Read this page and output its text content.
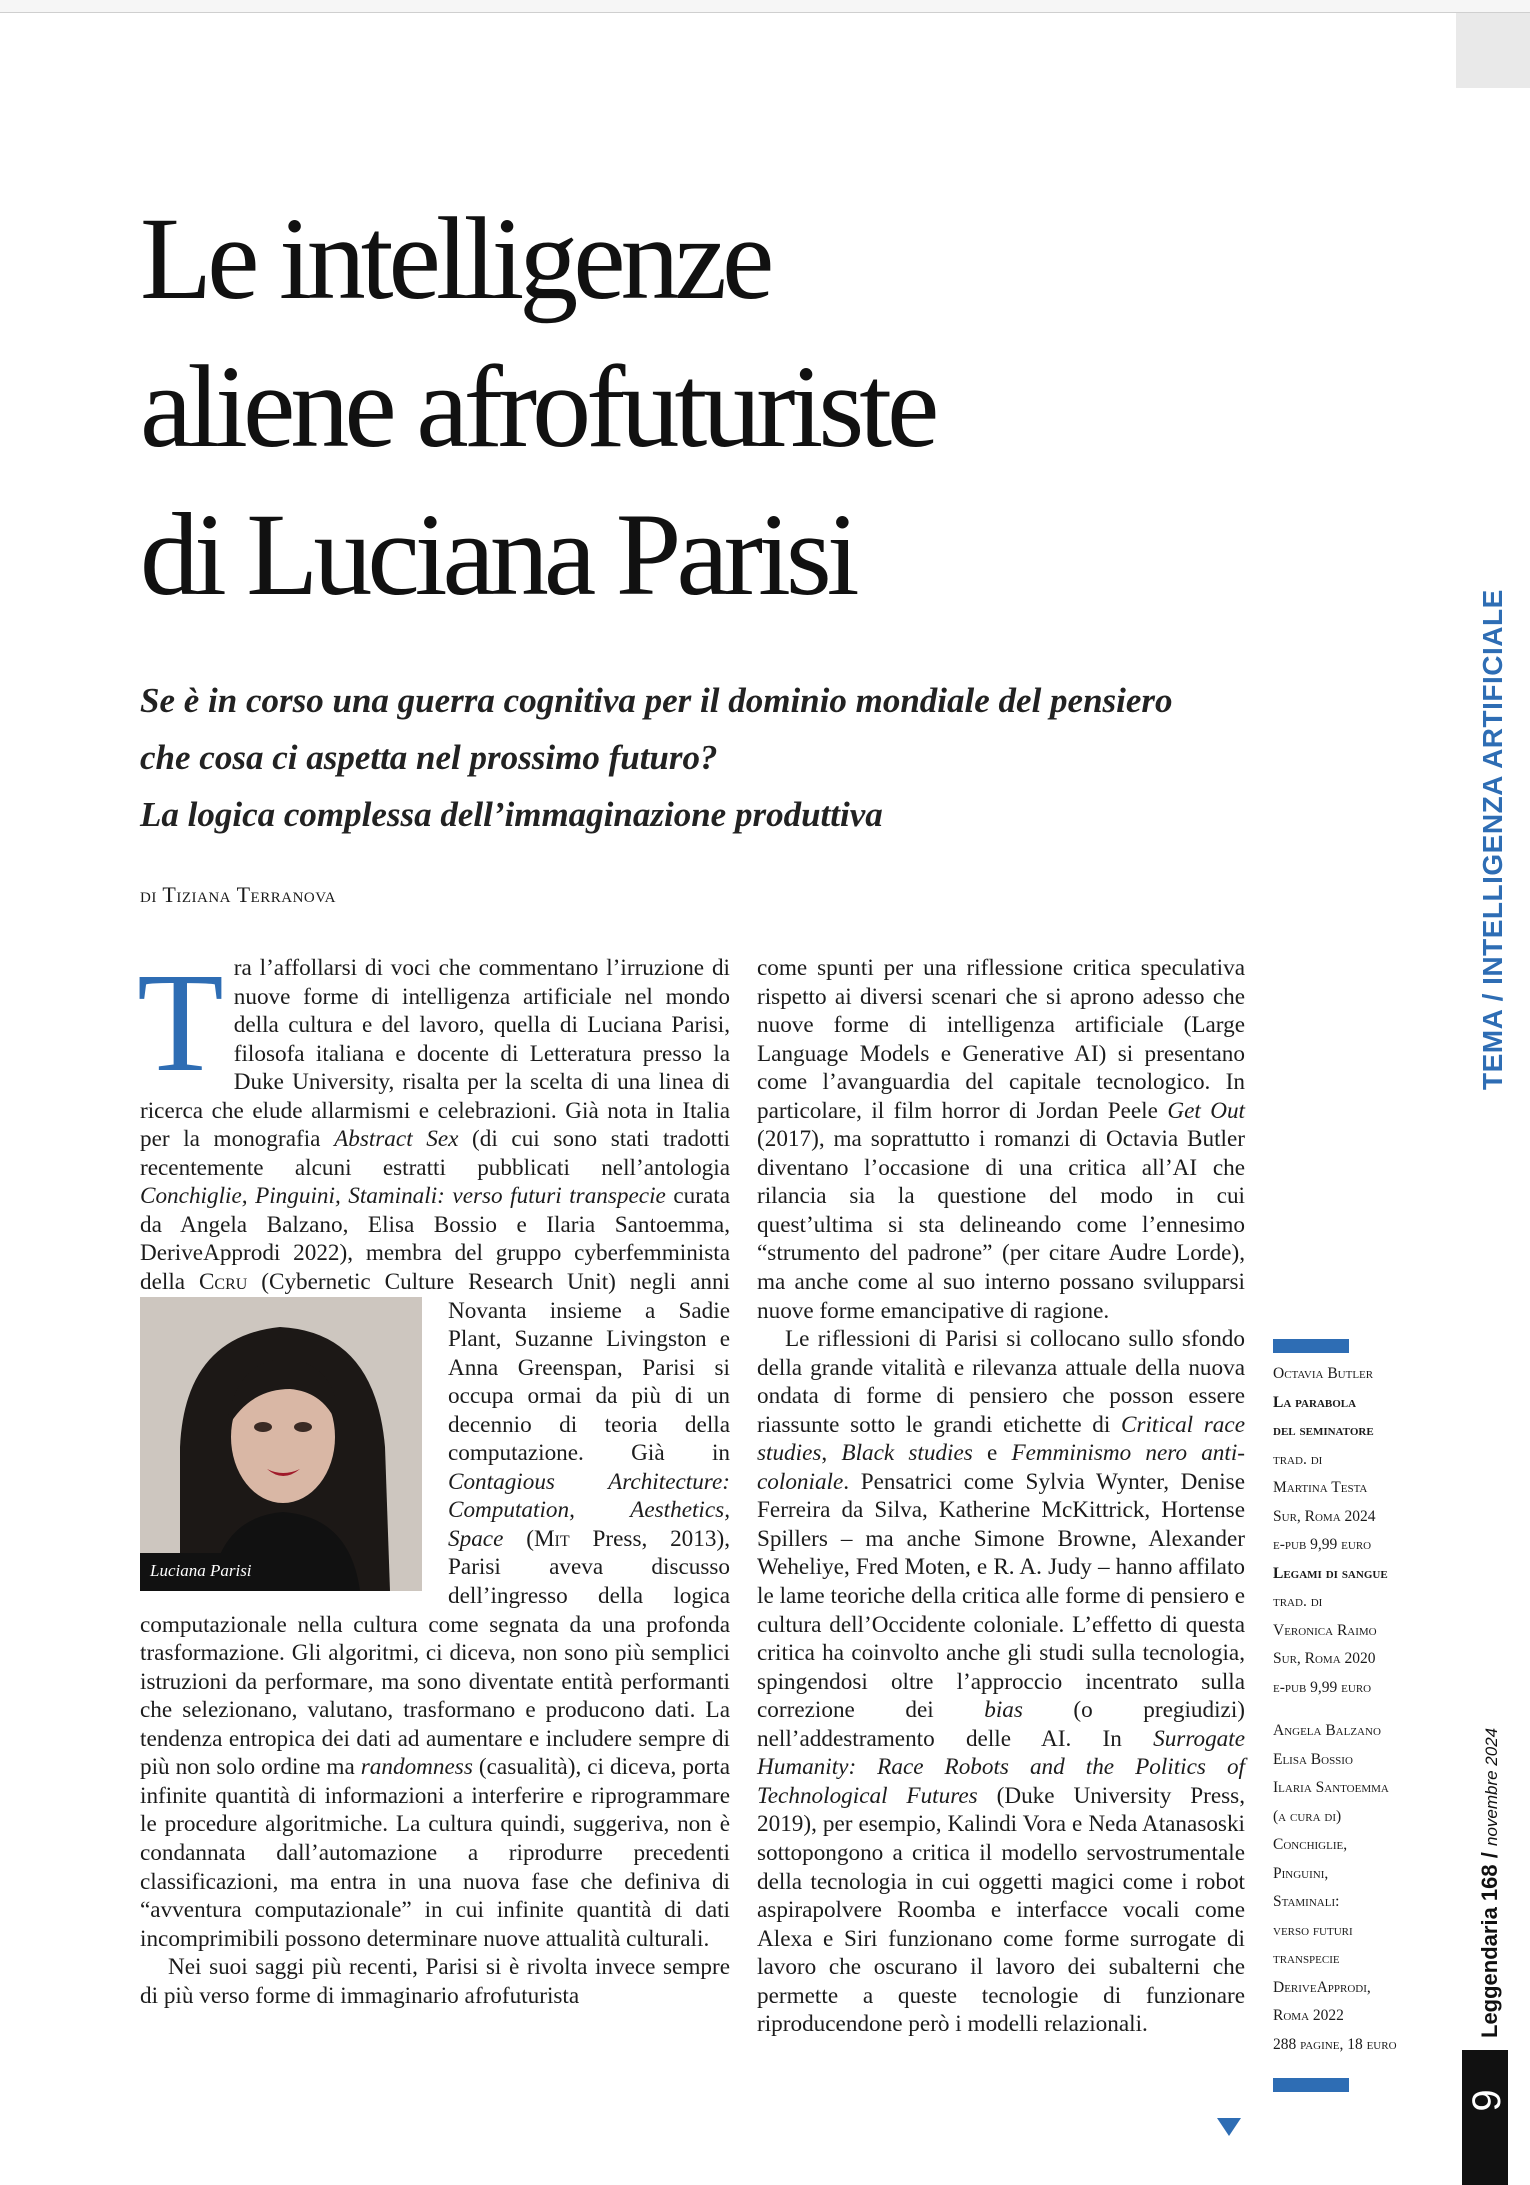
Le intelligenze
aliene afrofuturiste
di Luciana Parisi
Se è in corso una guerra cognitiva per il dominio mondiale del pensiero
che cosa ci aspetta nel prossimo futuro?
La logica complessa dell’immaginazione produttiva
di Tiziana Terranova

Tra l’affollarsi di voci che commentano l’irruzione di nuove forme di intelligenza artificiale nel mondo della cultura e del lavoro, quella di Luciana Parisi, filosofa italiana e docente di Letteratura presso la Duke University, risalta per la scelta di una linea di ricerca che elude allarmismi e celebrazioni. Già nota in Italia per la monografia Abstract Sex (di cui sono stati tradotti recentemente alcuni estratti pubblicati nell’antologia Conchiglie, Pinguini, Staminali: verso futuri transpecie curata da Angela Balzano, Elisa Bossio e Ilaria Santoemma, DeriveApprodi 2022), membra del gruppo cyberfemminista della Ccru (Cybernetic Culture Research Unit)
Luciana Parisi
negli anni Novanta insieme a Sadie Plant, Suzanne Livingston e Anna Greenspan, Parisi si occupa ormai da più di un decennio di teoria della computazione. Già in Contagious Architecture: Computation, Aesthetics, Space (Mit Press, 2013), Parisi aveva discusso dell’ingresso della logica computazionale nella cultura come segnata da una profonda trasformazione. Gli algoritmi, ci diceva, non sono più semplici istruzioni da performare, ma sono diventate entità performanti che selezionano, valutano, trasformano e producono dati. La tendenza entropica dei dati ad aumentare e includere sempre di più non solo ordine ma randomness (casualità), ci diceva, porta infinite quantità di informazioni a interferire e riprogrammare le procedure algoritmiche. La cultura quindi, suggeriva, non è condannata dall’automazione a riprodurre precedenti classificazioni, ma entra in una nuova fase che definiva di “avventura computazionale” in cui infinite quantità di dati incomprimibili possono determinare nuove attualità culturali.

Nei suoi saggi più recenti, Parisi si è rivolta invece sempre di più verso forme di immaginario afrofuturista

come spunti per una riflessione critica speculativa rispetto ai diversi scenari che si aprono adesso che nuove forme di intelligenza artificiale (Large Language Models e Generative AI) si presentano come l’avanguardia del capitale tecnologico. In particolare, il film horror di Jordan Peele Get Out (2017), ma soprattutto i romanzi di Octavia Butler diventano l’occasione di una critica all’AI che rilancia sia la questione del modo in cui quest’ultima si sta delineando come l’ennesimo “strumento del padrone” (per citare Audre Lorde), ma anche come al suo interno possano svilupparsi nuove forme emancipative di ragione.

Le riflessioni di Parisi si collocano sullo sfondo della grande vitalità e rilevanza attuale della nuova ondata di forme di pensiero che posson essere riassunte sotto le grandi etichette di Critical race studies, Black studies e Femminismo nero anti-coloniale. Pensatrici come Sylvia Wynter, Denise Ferreira da Silva, Katherine McKittrick, Hortense Spillers – ma anche Simone Browne, Alexander Weheliye, Fred Moten, e R. A. Judy – hanno affilato le lame teoriche della critica alle forme di pensiero e cultura dell’Occidente coloniale. L’effetto di questa critica ha coinvolto anche gli studi sulla tecnologia, spingendosi oltre l’approccio incentrato sulla correzione dei bias (o pregiudizi) nell’addestramento delle AI. In Surrogate Humanity: Race Robots and the Politics of Technological Futures (Duke University Press, 2019), per esempio, Kalindi Vora e Neda Atanasoski sottopongono a critica il modello servostrumentale della tecnologia in cui oggetti magici come i robot aspirapolvere Roomba e interfacce vocali come Alexa e Siri funzionano come forme surrogate di lavoro che oscurano il lavoro dei subalterni che permette a queste tecnologie di funzionare riproducendone però i modelli relazionali.

Octavia Butler
La parabola
del seminatore
trad. di
Martina Testa
Sur, Roma 2024
e-pub 9,99 euro
Legami di sangue
trad. di
Veronica Raimo
Sur, Roma 2020
e-pub 9,99 euro
Angela Balzano
Elisa Bossio
Ilaria Santoemma
(a cura di)
Conchiglie,
Pinguini,
Staminali:
verso futuri
transpecie
DeriveApprodi,
Roma 2022
288 pagine, 18 euro
TEMA / INTELLIGENZA ARTIFICIALE
Leggendaria 168 / novembre 2024
9
